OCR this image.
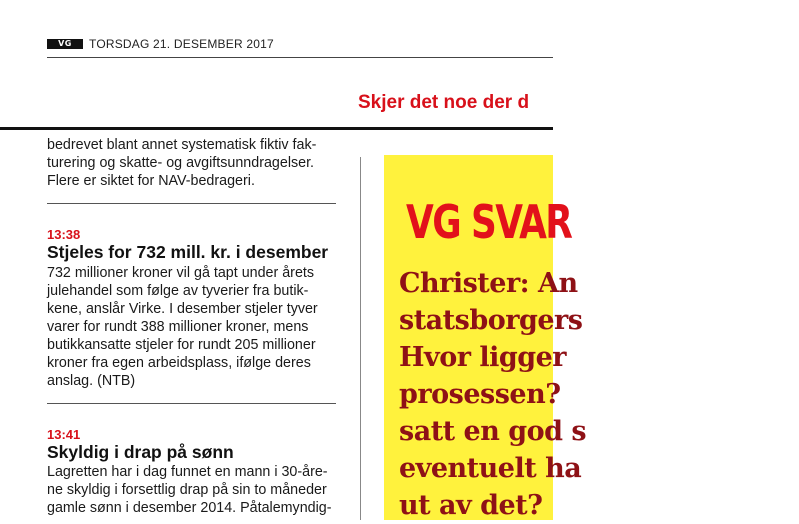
VG	TORSDAG 21. DESEMBER 2017
Skjer det noe der d

bedrevet blant annet systematisk fiktiv fak-

turering og skatte- og avgiftsunndragelser.

Flere er siktet for NAV-bedrageri.

13:38
Stjeles for 732 mill. kr. i desember

732 millioner kroner vil gå tapt under årets

julehandel som følge av tyverier fra butik-

kene, anslår Virke. I desember stjeler tyver

varer for rundt 388 millioner kroner, mens

butikkansatte stjeler for rundt 205 millioner

kroner fra egen arbeidsplass, ifølge deres

anslag. (NTB)

13:41
Skyldig i drap på sønn

Lagretten har i dag funnet en mann i 30-åre-

ne skyldig i forsettlig drap på sin to måneder

gamle sønn i desember 2014. Påtalemyndig-

VG SVAR
Christer: An
statsborgers
Hvor ligger
prosessen?
satt en god s
eventuelt ha
ut av det?
